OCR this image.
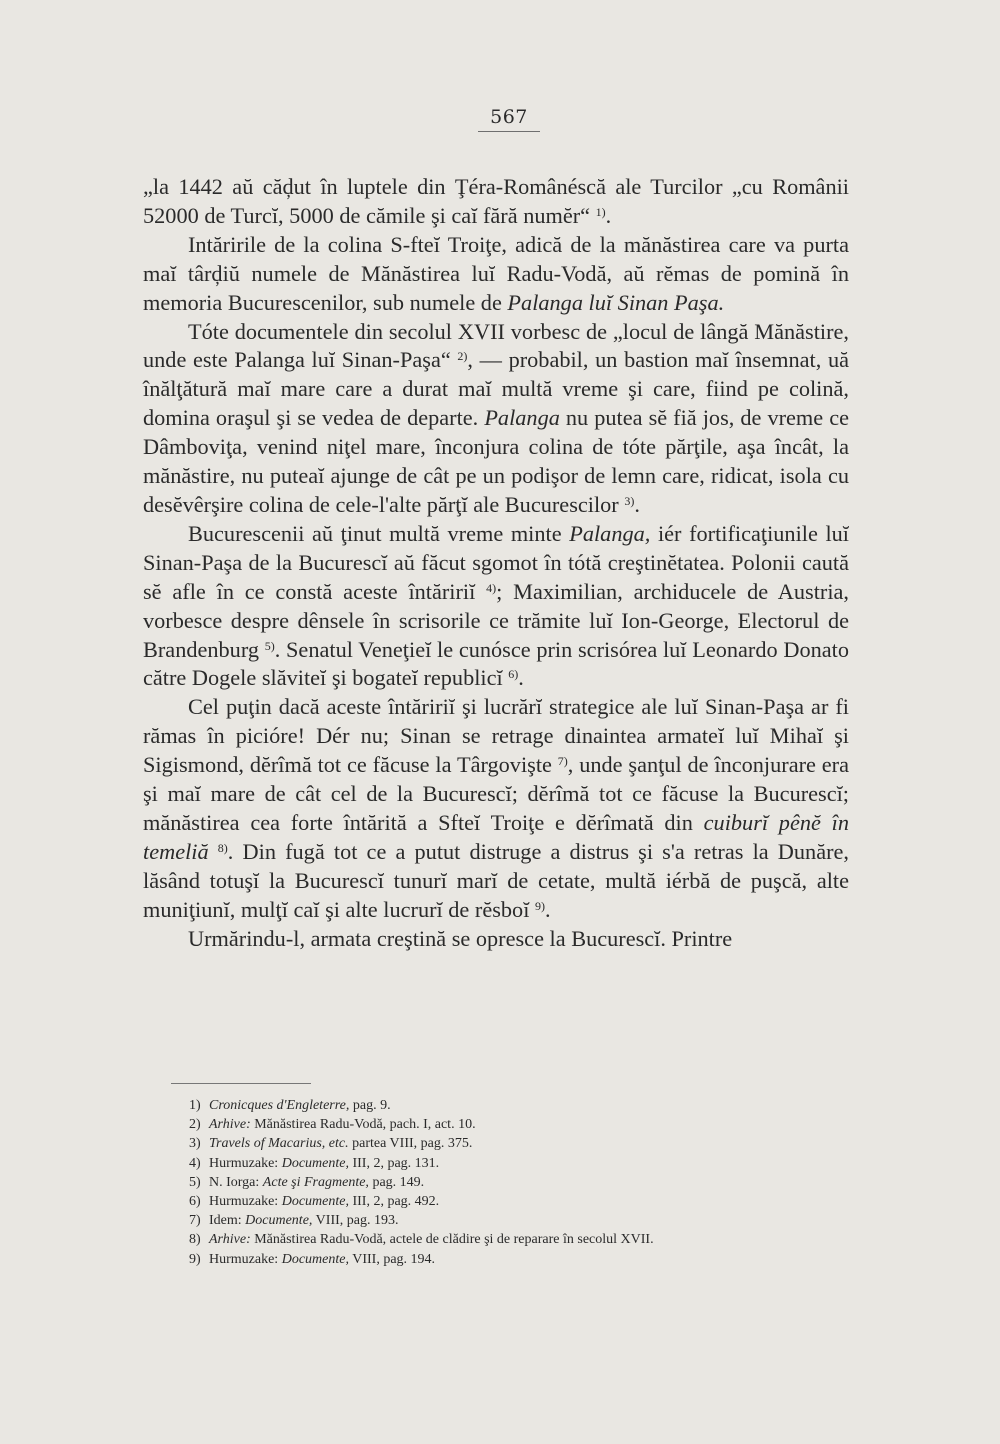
567

„la 1442 aŭ căḑut în luptele din Ţéra-Românéscă ale Turcilor „cu Românii 52000 de Turcĭ, 5000 de cămile şi caĭ fără numĕr“ $^{1)}$.

Intăririle de la colina S-fteĭ Troiţe, adică de la mănăstirea care va purta maĭ târḑiŭ numele de Mănăstirea luĭ Radu-Vodă, aŭ rĕmas de pomină în memoria Bucurescenilor, sub numele de Palanga luĭ Sinan Paşa.

Tóte documentele din secolul XVII vorbesc de „locul de lângă Mănăstire, unde este Palanga luĭ Sinan-Paşa“ $^{2)}$, — probabil, un bastion maĭ însemnat, uă înălţătură maĭ mare care a durat maĭ multă vreme şi care, fiind pe colină, domina oraşul şi se vedea de departe. Palanga nu putea sĕ fiă jos, de vreme ce Dâmboviţa, venind niţel mare, înconjura colina de tóte părţile, aşa încât, la mănăstire, nu puteaĭ ajunge de cât pe un podişor de lemn care, ridicat, isola cu desĕvêrşire colina de cele-l'alte părţĭ ale Bucurescilor $^{3)}$.

Bucurescenii aŭ ţinut multă vreme minte Palanga, iér fortificaţiunile luĭ Sinan-Paşa de la Bucurescĭ aŭ făcut sgomot în tótă creştinĕtatea. Polonii caută sĕ afle în ce constă aceste întăririĭ $^{4)}$; Maximilian, archiducele de Austria, vorbesce despre dênsele în scrisorile ce trămite luĭ Ion-George, Electorul de Brandenburg $^{5)}$. Senatul Veneţieĭ le cunósce prin scrisórea luĭ Leonardo Donato către Dogele slăviteĭ şi bogateĭ republicĭ $^{6)}$.

Cel puţin dacă aceste întăririĭ şi lucrărĭ strategice ale luĭ Sinan-Paşa ar fi rămas în picióre! Dér nu; Sinan se retrage dinaintea armateĭ luĭ Mihaĭ şi Sigismond, dĕrîmă tot ce făcuse la Târgovişte $^{7)}$, unde şanţul de înconjurare era şi maĭ mare de cât cel de la Bucurescĭ; dĕrîmă tot ce făcuse la Bucurescĭ; mănăstirea cea forte întărită a Sfteĭ Troiţe e dĕrîmată din cuiburĭ pênĕ în temeliă $^{8)}$. Din fugă tot ce a putut distruge a distrus şi s'a retras la Dunăre, lăsând totuşĭ la Bucurescĭ tunurĭ marĭ de cetate, multă iérbă de puşcă, alte muniţiunĭ, mulţĭ caĭ şi alte lucrurĭ de rĕsboĭ $^{9)}$.

Urmărindu-l, armata creştină se opresce la Bucurescĭ. Printre

1) Cronicques d'Engleterre, pag. 9.
2) Arhive: Mănăstirea Radu-Vodă, pach. I, act. 10.
3) Travels of Macarius, etc. partea VIII, pag. 375.
4) Hurmuzake: Documente, III, 2, pag. 131.
5) N. Iorga: Acte şi Fragmente, pag. 149.
6) Hurmuzake: Documente, III, 2, pag. 492.
7) Idem: Documente, VIII, pag. 193.
8) Arhive: Mănăstirea Radu-Vodă, actele de clădire şi de reparare în secolul XVII.
9) Hurmuzake: Documente, VIII, pag. 194.
